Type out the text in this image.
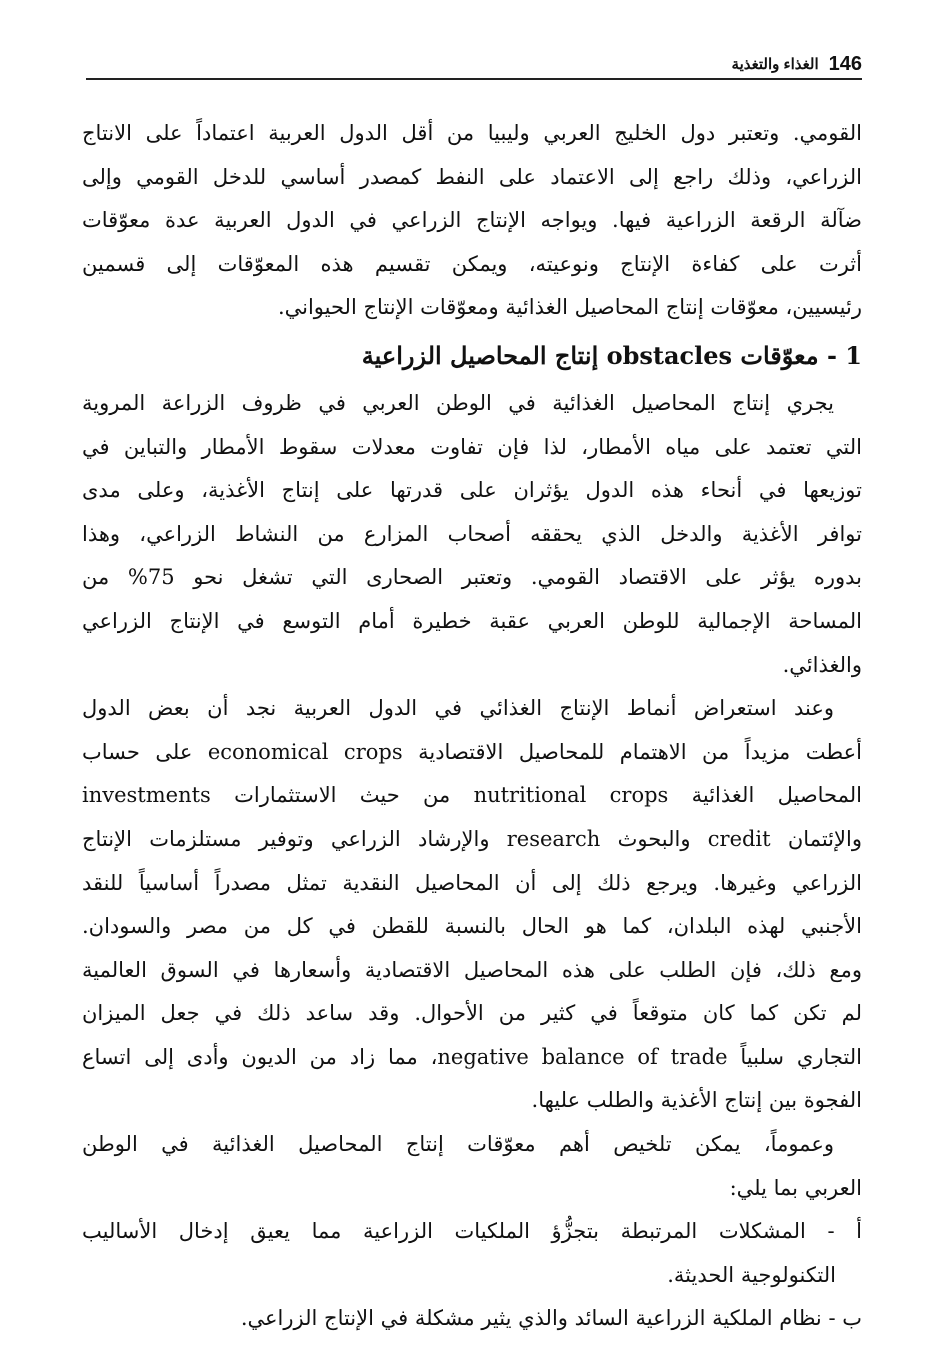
146
الغذاء والتغذية
القومي. وتعتبر دول الخليج العربي وليبيا من أقل الدول العربية اعتماداً على الانتاج
الزراعي، وذلك راجع إلى الاعتماد على النفط كمصدر أساسي للدخل القومي وإلى
ضآلة الرقعة الزراعية فيها. ويواجه الإنتاج الزراعي في الدول العربية عدة معوّقات
أثرت على كفاءة الإنتاج ونوعيته، ويمكن تقسيم هذه المعوّقات إلى قسمين
رئيسيين، معوّقات إنتاج المحاصيل الغذائية ومعوّقات الإنتاج الحيواني.
1 - معوّقات obstacles إنتاج المحاصيل الزراعية
يجري إنتاج المحاصيل الغذائية في الوطن العربي في ظروف الزراعة المروية
التي تعتمد على مياه الأمطار، لذا فإن تفاوت معدلات سقوط الأمطار والتباين في
توزيعها في أنحاء هذه الدول يؤثران على قدرتها على إنتاج الأغذية، وعلى مدى
توافر الأغذية والدخل الذي يحققه أصحاب المزارع من النشاط الزراعي، وهذا
بدوره يؤثر على الاقتصاد القومي. وتعتبر الصحارى التي تشغل نحو 75% من
المساحة الإجمالية للوطن العربي عقبة خطيرة أمام التوسع في الإنتاج الزراعي
والغذائي.
وعند استعراض أنماط الإنتاج الغذائي في الدول العربية نجد أن بعض الدول
أعطت مزيداً من الاهتمام للمحاصيل الاقتصادية economical crops على حساب
المحاصيل الغذائية nutritional crops من حيث الاستثمارات investments
والإئتمان credit والبحوث research والإرشاد الزراعي وتوفير مستلزمات الإنتاج
الزراعي وغيرها. ويرجع ذلك إلى أن المحاصيل النقدية تمثل مصدراً أساسياً للنقد
الأجنبي لهذه البلدان، كما هو الحال بالنسبة للقطن في كل من مصر والسودان.
ومع ذلك، فإن الطلب على هذه المحاصيل الاقتصادية وأسعارها في السوق العالمية
لم تكن كما كان متوقعاً في كثير من الأحوال. وقد ساعد ذلك في جعل الميزان
التجاري سلبياً negative balance of trade، مما زاد من الديون وأدى إلى اتساع
الفجوة بين إنتاج الأغذية والطلب عليها.
وعموماً، يمكن تلخيص أهم معوّقات إنتاج المحاصيل الغذائية في الوطن
العربي بما يلي:
أ - المشكلات المرتبطة بتجزُّؤ الملكيات الزراعية مما يعيق إدخال الأساليب
التكنولوجية الحديثة.
ب - نظام الملكية الزراعية السائد والذي يثير مشكلة في الإنتاج الزراعي.
